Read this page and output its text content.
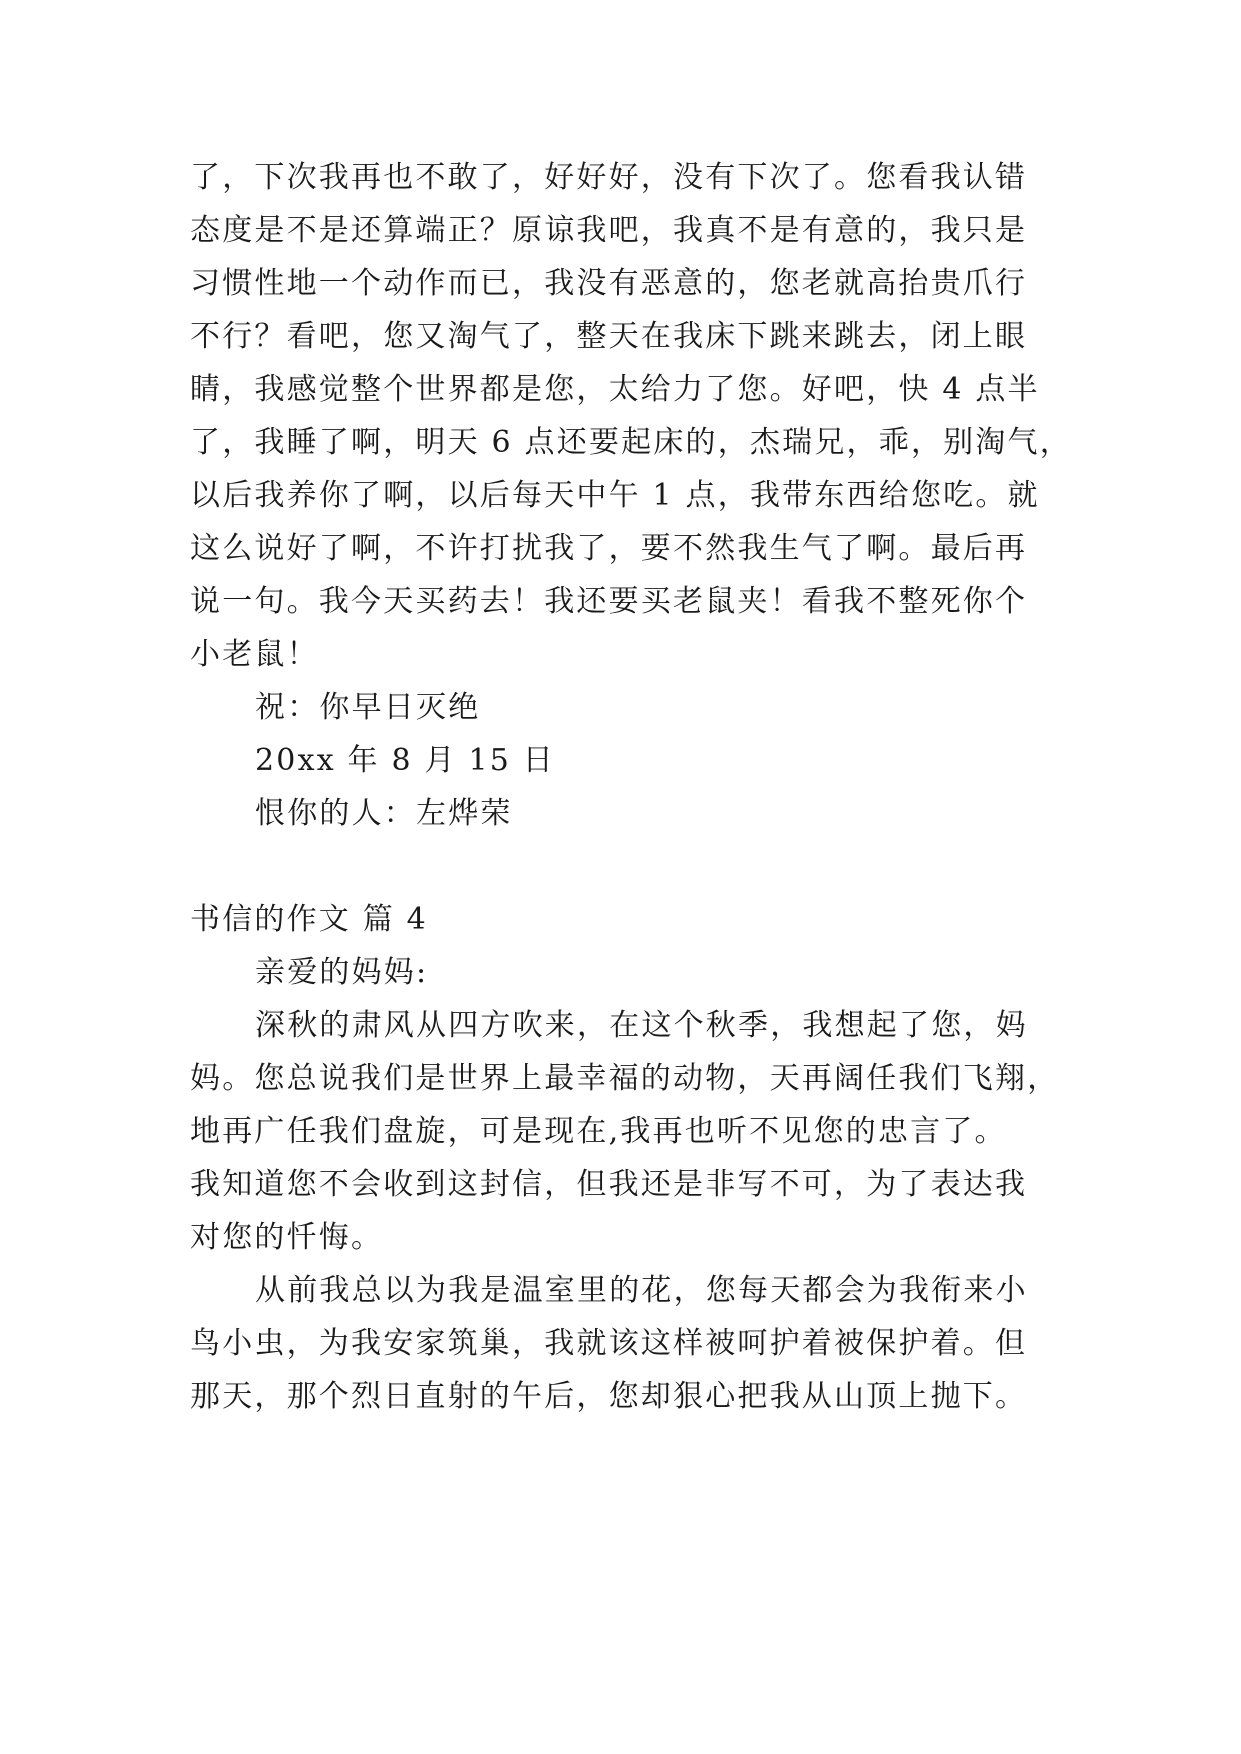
了，下次我再也不敢了，好好好，没有下次了。您看我认错
态度是不是还算端正？原谅我吧，我真不是有意的，我只是
习惯性地一个动作而已，我没有恶意的，您老就高抬贵爪行
不行？看吧，您又淘气了，整天在我床下跳来跳去，闭上眼
睛，我感觉整个世界都是您，太给力了您。好吧，快 4 点半
了，我睡了啊，明天 6 点还要起床的，杰瑞兄，乖，别淘气，
以后我养你了啊，以后每天中午 1 点，我带东西给您吃。就
这么说好了啊，不许打扰我了，要不然我生气了啊。最后再
说一句。我今天买药去！我还要买老鼠夹！看我不整死你个
小老鼠！
祝：你早日灭绝
20xx 年 8 月 15 日
恨你的人：左烨荣
书信的作文 篇 4
亲爱的妈妈:
深秋的肃风从四方吹来，在这个秋季，我想起了您，妈
妈。您总说我们是世界上最幸福的动物，天再阔任我们飞翔，
地再广任我们盘旋，可是现在,我再也听不见您的忠言了。
我知道您不会收到这封信，但我还是非写不可，为了表达我
对您的忏悔。
从前我总以为我是温室里的花，您每天都会为我衔来小
鸟小虫，为我安家筑巢，我就该这样被呵护着被保护着。但
那天，那个烈日直射的午后，您却狠心把我从山顶上抛下。
